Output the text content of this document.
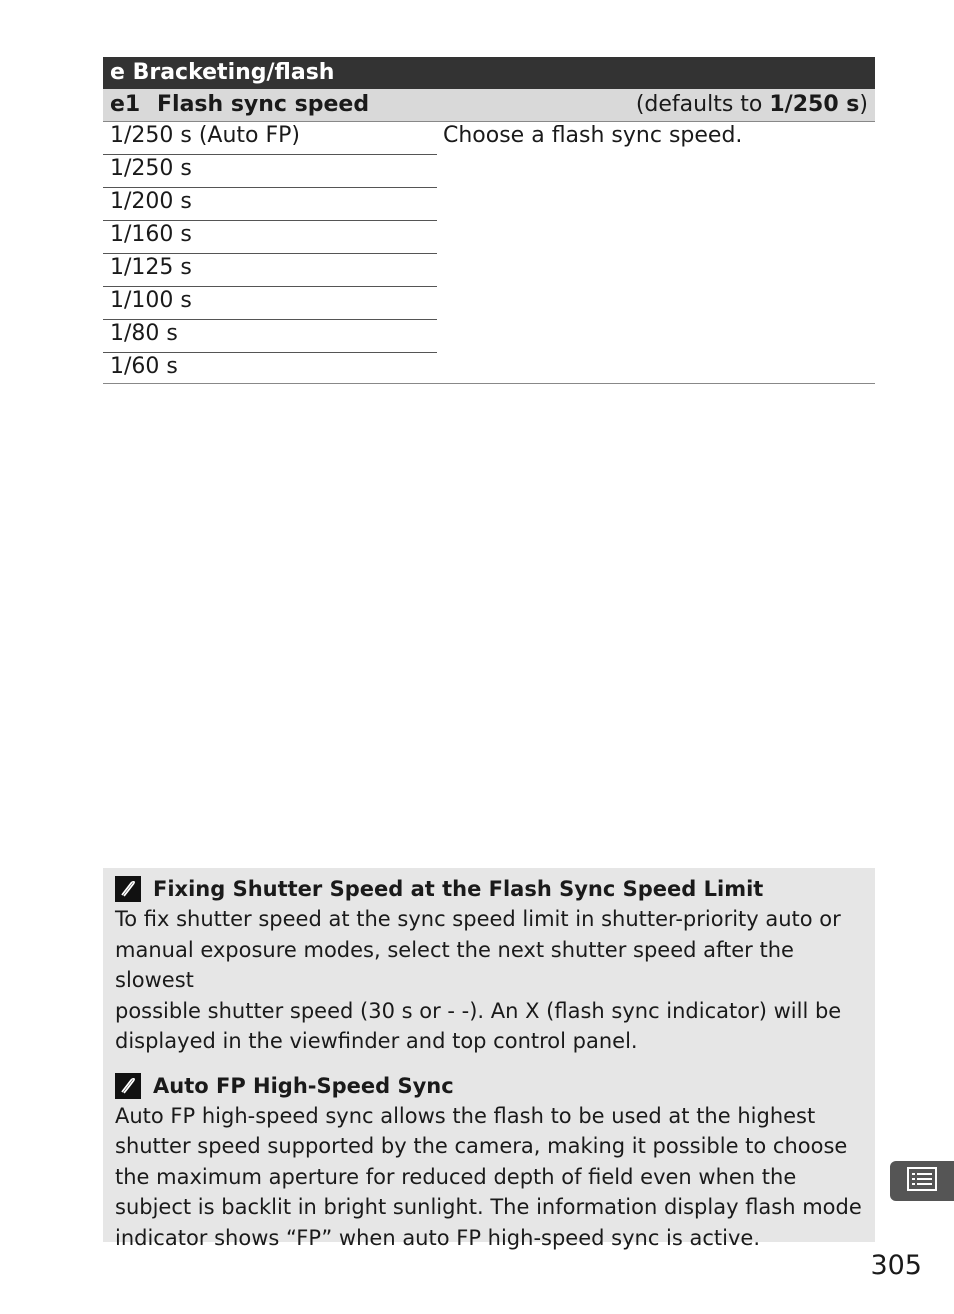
e Bracketing/flash
e1 Flash sync speed	(defaults to 1/250 s)
1/250 s (Auto FP)
1/250 s
1/200 s
1/160 s
1/125 s
1/100 s
1/80 s
1/60 s
Choose a flash sync speed.
Fixing Shutter Speed at the Flash Sync Speed Limit
To fix shutter speed at the sync speed limit in shutter-priority auto or
manual exposure modes, select the next shutter speed after the slowest
possible shutter speed (30 s or - -). An X (flash sync indicator) will be
displayed in the viewfinder and top control panel.
Auto FP High-Speed Sync
Auto FP high-speed sync allows the flash to be used at the highest
shutter speed supported by the camera, making it possible to choose
the maximum aperture for reduced depth of field even when the
subject is backlit in bright sunlight. The information display flash mode
indicator shows “FP” when auto FP high-speed sync is active.
305
